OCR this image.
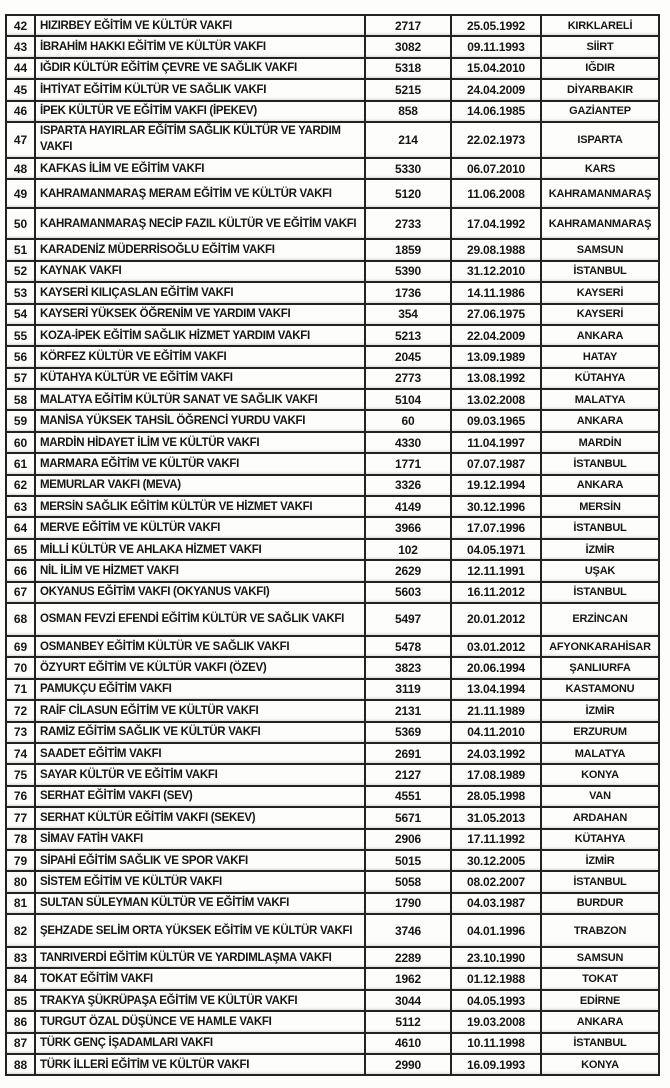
42	HIZIRBEY EĞİTİM VE KÜLTÜR VAKFI	2717	25.05.1992	KIRKLARELİ
43	İBRAHİM HAKKI EĞİTİM VE KÜLTÜR VAKFI	3082	09.11.1993	SİİRT
44	IĞDIR KÜLTÜR EĞİTİM ÇEVRE VE SAĞLIK VAKFI	5318	15.04.2010	IĞDIR
45	İHTİYAT EĞİTİM KÜLTÜR VE SAĞLIK VAKFI	5215	24.04.2009	DİYARBAKIR
46	İPEK KÜLTÜR VE EĞİTİM VAKFI (İPEKEV)	858	14.06.1985	GAZİANTEP
47	ISPARTA HAYIRLAR EĞİTİM SAĞLIK KÜLTÜR VE YARDIM VAKFI	214	22.02.1973	ISPARTA
48	KAFKAS İLİM VE EĞİTİM VAKFI	5330	06.07.2010	KARS
49	KAHRAMANMARAŞ MERAM EĞİTİM VE KÜLTÜR VAKFI	5120	11.06.2008	KAHRAMANMARAŞ
50	KAHRAMANMARAŞ NECİP FAZIL KÜLTÜR VE EĞİTİM VAKFI	2733	17.04.1992	KAHRAMANMARAŞ
51	KARADENİZ MÜDERRİSOĞLU EĞİTİM VAKFI	1859	29.08.1988	SAMSUN
52	KAYNAK VAKFI	5390	31.12.2010	İSTANBUL
53	KAYSERİ KILIÇASLAN EĞİTİM VAKFI	1736	14.11.1986	KAYSERİ
54	KAYSERİ YÜKSEK ÖĞRENİM VE YARDIM VAKFI	354	27.06.1975	KAYSERİ
55	KOZA-İPEK EĞİTİM SAĞLIK HİZMET YARDIM VAKFI	5213	22.04.2009	ANKARA
56	KÖRFEZ KÜLTÜR VE EĞİTİM VAKFI	2045	13.09.1989	HATAY
57	KÜTAHYA KÜLTÜR VE EĞİTİM VAKFI	2773	13.08.1992	KÜTAHYA
58	MALATYA EĞİTİM KÜLTÜR SANAT VE SAĞLIK VAKFI	5104	13.02.2008	MALATYA
59	MANİSA YÜKSEK TAHSİL ÖĞRENCİ YURDU VAKFI	60	09.03.1965	ANKARA
60	MARDİN HİDAYET İLİM VE KÜLTÜR VAKFI	4330	11.04.1997	MARDİN
61	MARMARA EĞİTİM VE KÜLTÜR VAKFI	1771	07.07.1987	İSTANBUL
62	MEMURLAR VAKFI (MEVA)	3326	19.12.1994	ANKARA
63	MERSİN SAĞLIK EĞİTİM KÜLTÜR VE HİZMET VAKFI	4149	30.12.1996	MERSİN
64	MERVE EĞİTİM VE KÜLTÜR VAKFI	3966	17.07.1996	İSTANBUL
65	MİLLİ KÜLTÜR VE AHLAKA HİZMET VAKFI	102	04.05.1971	İZMİR
66	NİL İLİM VE HİZMET VAKFI	2629	12.11.1991	UŞAK
67	OKYANUS EĞİTİM VAKFI (OKYANUS VAKFI)	5603	16.11.2012	İSTANBUL
68	OSMAN FEVZİ EFENDİ EĞİTİM KÜLTÜR VE SAĞLIK VAKFI	5497	20.01.2012	ERZİNCAN
69	OSMANBEY EĞİTİM KÜLTÜR VE SAĞLIK VAKFI	5478	03.01.2012	AFYONKARAHİSAR
70	ÖZYURT EĞİTİM VE KÜLTÜR VAKFI (ÖZEV)	3823	20.06.1994	ŞANLIURFA
71	PAMUKÇU EĞİTİM VAKFI	3119	13.04.1994	KASTAMONU
72	RAİF CİLASUN EĞİTİM VE KÜLTÜR VAKFI	2131	21.11.1989	İZMİR
73	RAMİZ EĞİTİM SAĞLIK VE KÜLTÜR VAKFI	5369	04.11.2010	ERZURUM
74	SAADET EĞİTİM VAKFI	2691	24.03.1992	MALATYA
75	SAYAR KÜLTÜR VE EĞİTİM VAKFI	2127	17.08.1989	KONYA
76	SERHAT EĞİTİM VAKFI (SEV)	4551	28.05.1998	VAN
77	SERHAT KÜLTÜR EĞİTİM VAKFI (SEKEV)	5671	31.05.2013	ARDAHAN
78	SİMAV FATİH VAKFI	2906	17.11.1992	KÜTAHYA
79	SİPAHİ EĞİTİM SAĞLIK VE SPOR VAKFI	5015	30.12.2005	İZMİR
80	SİSTEM EĞİTİM VE KÜLTÜR VAKFI	5058	08.02.2007	İSTANBUL
81	SULTAN SÜLEYMAN KÜLTÜR VE EĞİTİM VAKFI	1790	04.03.1987	BURDUR
82	ŞEHZADE SELİM ORTA YÜKSEK EĞİTİM VE KÜLTÜR VAKFI	3746	04.01.1996	TRABZON
83	TANRIVERDİ EĞİTİM KÜLTÜR VE YARDIMLAŞMA VAKFI	2289	23.10.1990	SAMSUN
84	TOKAT EĞİTİM VAKFI	1962	01.12.1988	TOKAT
85	TRAKYA ŞÜKRÜPAŞA EĞİTİM VE KÜLTÜR VAKFI	3044	04.05.1993	EDİRNE
86	TURGUT ÖZAL DÜŞÜNCE VE HAMLE VAKFI	5112	19.03.2008	ANKARA
87	TÜRK GENÇ İŞADAMLARI VAKFI	4610	10.11.1998	İSTANBUL
88	TÜRK İLLERİ EĞİTİM VE KÜLTÜR VAKFI	2990	16.09.1993	KONYA
